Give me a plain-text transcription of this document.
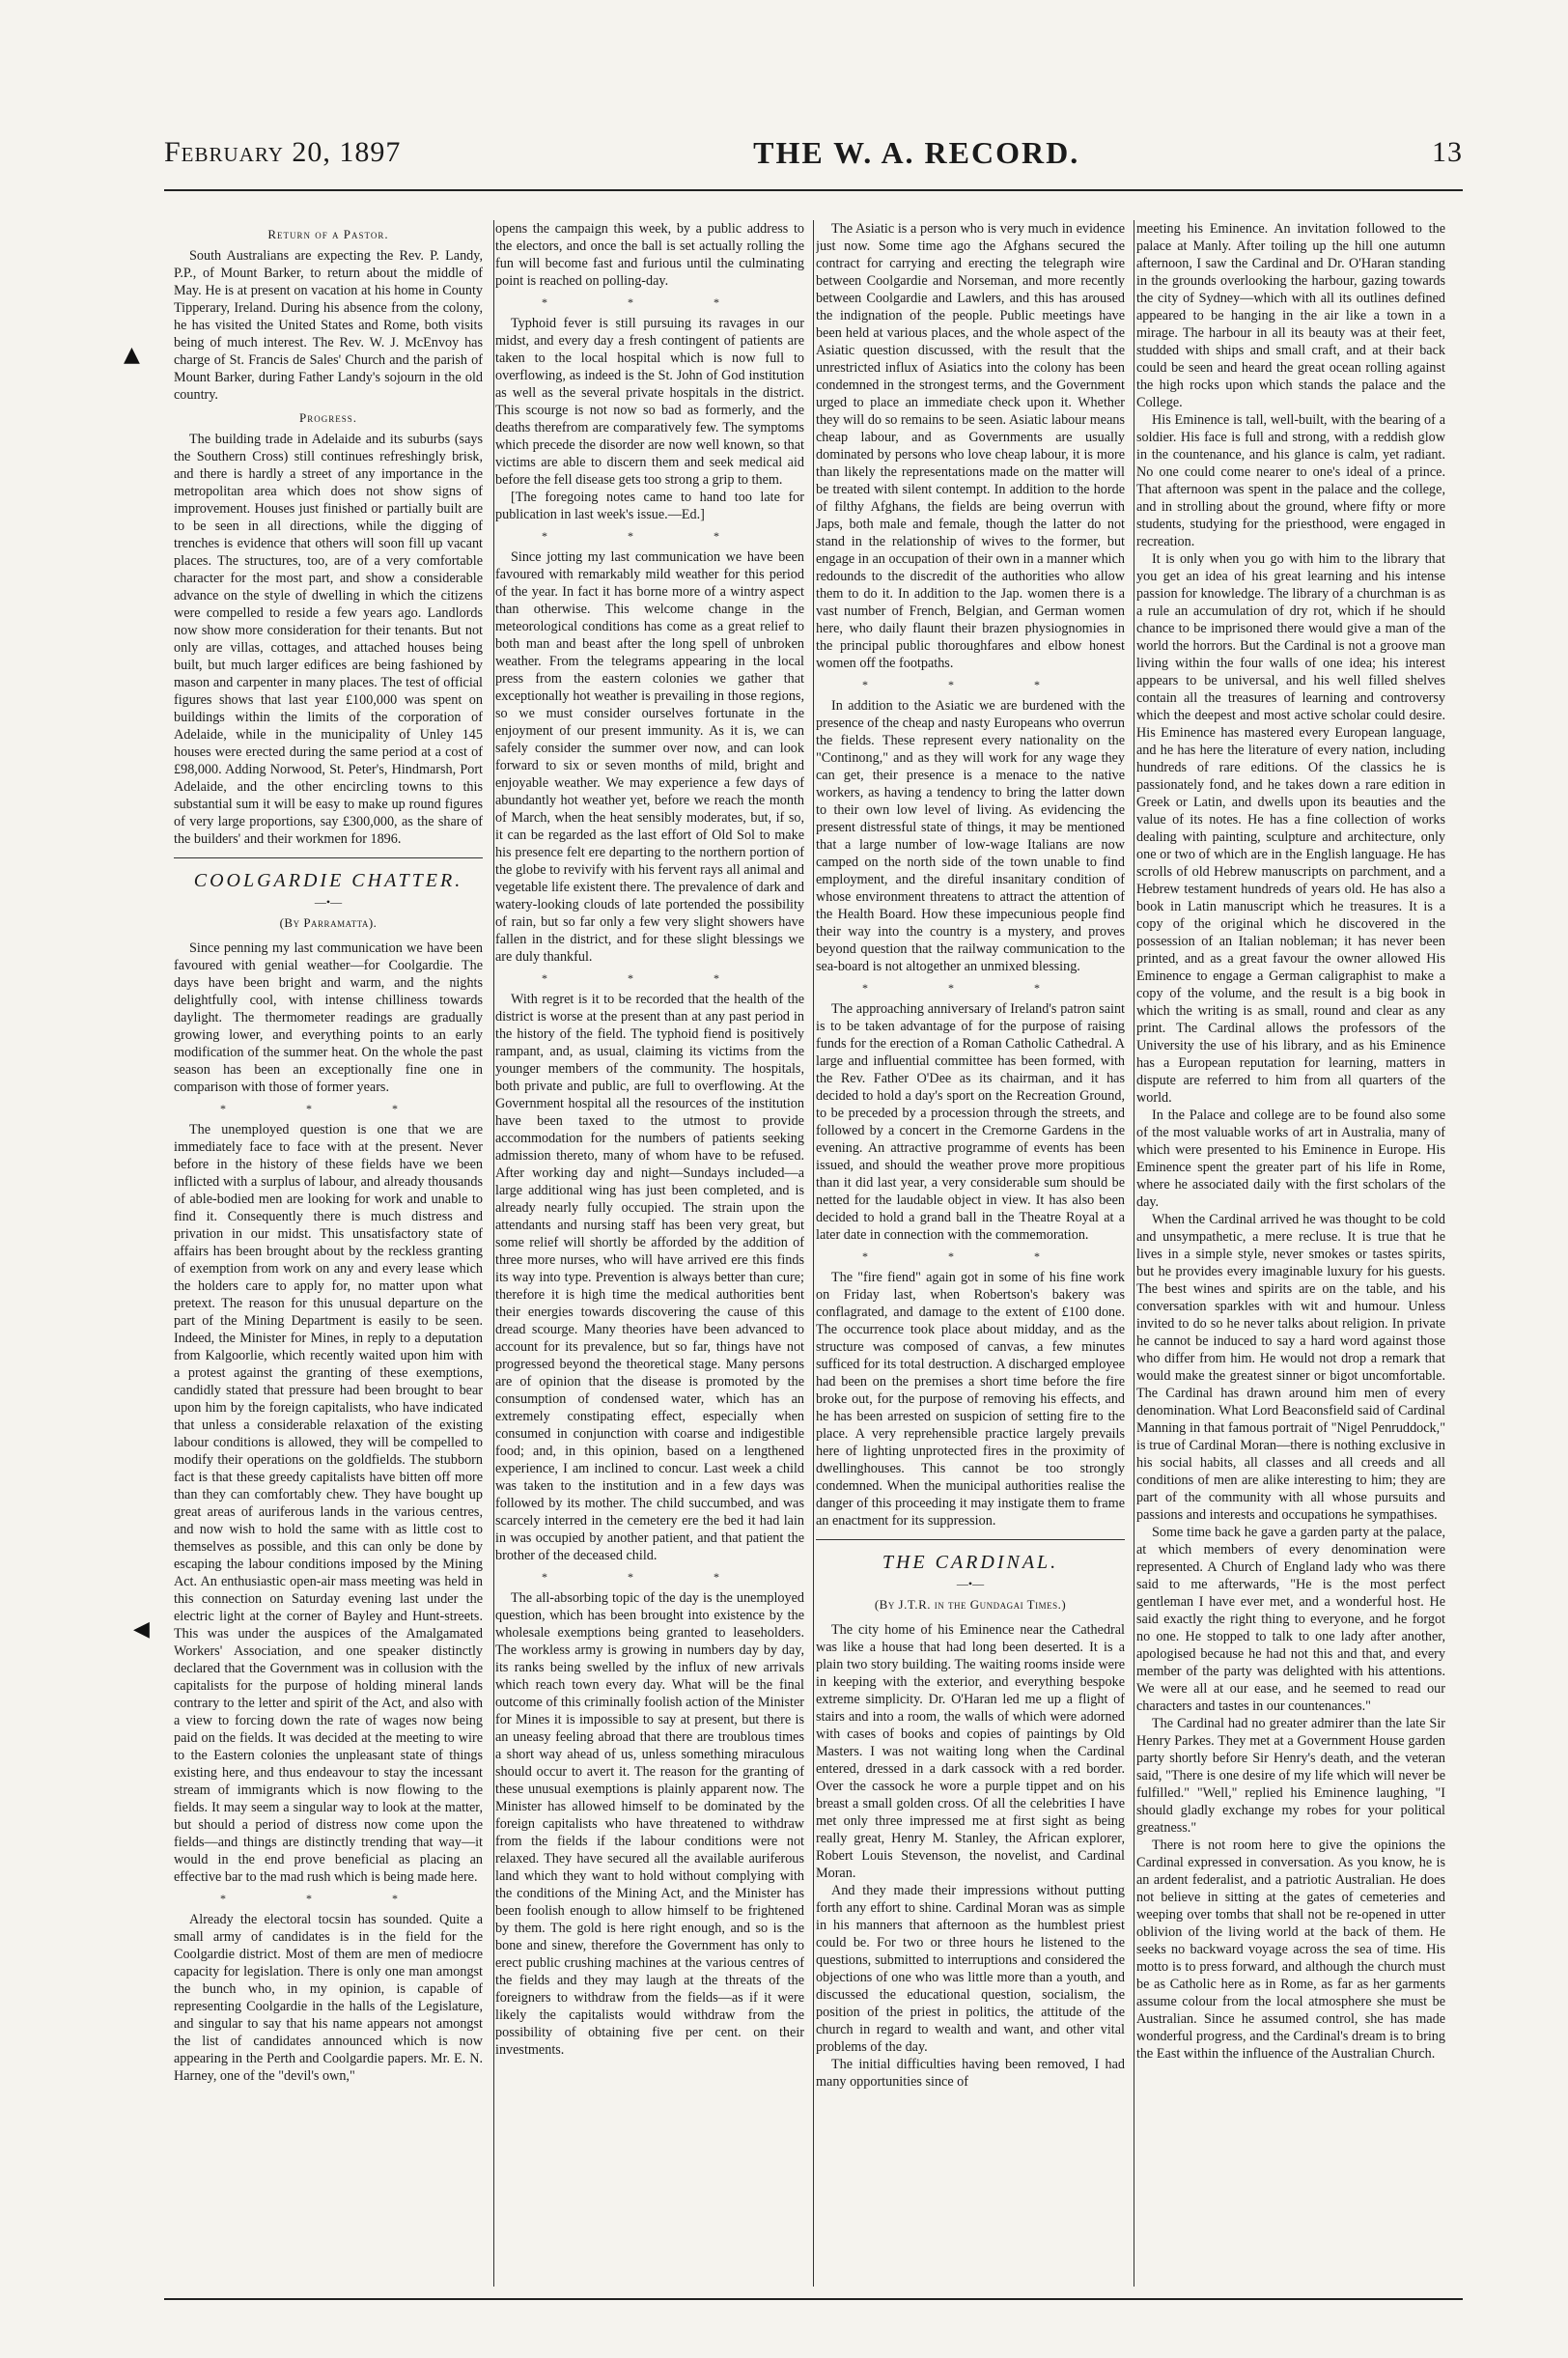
February 20, 1897	THE W. A. RECORD.	13
▲
◀

Return of a Pastor.

South Australians are expecting the Rev. P. Landy, P.P., of Mount Barker, to return about the middle of May. He is at present on vacation at his home in County Tipperary, Ireland. During his absence from the colony, he has visited the United States and Rome, both visits being of much interest. The Rev. W. J. McEnvoy has charge of St. Francis de Sales' Church and the parish of Mount Barker, during Father Landy's sojourn in the old country.

Progress.

The building trade in Adelaide and its suburbs (says the Southern Cross) still continues refreshingly brisk, and there is hardly a street of any importance in the metropolitan area which does not show signs of improvement. Houses just finished or partially built are to be seen in all directions, while the digging of trenches is evidence that others will soon fill up vacant places. The structures, too, are of a very comfortable character for the most part, and show a considerable advance on the style of dwelling in which the citizens were compelled to reside a few years ago. Landlords now show more consideration for their tenants. But not only are villas, cottages, and attached houses being built, but much larger edifices are being fashioned by mason and carpenter in many places. The test of official figures shows that last year £100,000 was spent on buildings within the limits of the corporation of Adelaide, while in the municipality of Unley 145 houses were erected during the same period at a cost of £98,000. Adding Norwood, St. Peter's, Hindmarsh, Port Adelaide, and the other encircling towns to this substantial sum it will be easy to make up round figures of very large proportions, say £300,000, as the share of the builders' and their workmen for 1896.

COOLGARDIE CHATTER.

—•—

(By Parramatta).

Since penning my last communication we have been favoured with genial weather—for Coolgardie. The days have been bright and warm, and the nights delightfully cool, with intense chilliness towards daylight. The thermometer readings are gradually growing lower, and everything points to an early modification of the summer heat. On the whole the past season has been an exceptionally fine one in comparison with those of former years.

* * *

The unemployed question is one that we are immediately face to face with at the present. Never before in the history of these fields have we been inflicted with a surplus of labour, and already thousands of able-bodied men are looking for work and unable to find it. Consequently there is much distress and privation in our midst. This unsatisfactory state of affairs has been brought about by the reckless granting of exemption from work on any and every lease which the holders care to apply for, no matter upon what pretext. The reason for this unusual departure on the part of the Mining Department is easily to be seen. Indeed, the Minister for Mines, in reply to a deputation from Kalgoorlie, which recently waited upon him with a protest against the granting of these exemptions, candidly stated that pressure had been brought to bear upon him by the foreign capitalists, who have indicated that unless a considerable relaxation of the existing labour conditions is allowed, they will be compelled to modify their operations on the goldfields. The stubborn fact is that these greedy capitalists have bitten off more than they can comfortably chew. They have bought up great areas of auriferous lands in the various centres, and now wish to hold the same with as little cost to themselves as possible, and this can only be done by escaping the labour conditions imposed by the Mining Act. An enthusiastic open-air mass meeting was held in this connection on Saturday evening last under the electric light at the corner of Bayley and Hunt-streets. This was under the auspices of the Amalgamated Workers' Association, and one speaker distinctly declared that the Government was in collusion with the capitalists for the purpose of holding mineral lands contrary to the letter and spirit of the Act, and also with a view to forcing down the rate of wages now being paid on the fields. It was decided at the meeting to wire to the Eastern colonies the unpleasant state of things existing here, and thus endeavour to stay the incessant stream of immigrants which is now flowing to the fields. It may seem a singular way to look at the matter, but should a period of distress now come upon the fields—and things are distinctly trending that way—it would in the end prove beneficial as placing an effective bar to the mad rush which is being made here.

* * *

Already the electoral tocsin has sounded. Quite a small army of candidates is in the field for the Coolgardie district. Most of them are men of mediocre capacity for legislation. There is only one man amongst the bunch who, in my opinion, is capable of representing Coolgardie in the halls of the Legislature, and singular to say that his name appears not amongst the list of candidates announced which is now appearing in the Perth and Coolgardie papers. Mr. E. N. Harney, one of the "devil's own,"

opens the campaign this week, by a public address to the electors, and once the ball is set actually rolling the fun will become fast and furious until the culminating point is reached on polling-day.

* * *

Typhoid fever is still pursuing its ravages in our midst, and every day a fresh contingent of patients are taken to the local hospital which is now full to overflowing, as indeed is the St. John of God institution as well as the several private hospitals in the district. This scourge is not now so bad as formerly, and the deaths therefrom are comparatively few. The symptoms which precede the disorder are now well known, so that victims are able to discern them and seek medical aid before the fell disease gets too strong a grip to them.

[The foregoing notes came to hand too late for publication in last week's issue.—Ed.]

* * *

Since jotting my last communication we have been favoured with remarkably mild weather for this period of the year. In fact it has borne more of a wintry aspect than otherwise. This welcome change in the meteorological conditions has come as a great relief to both man and beast after the long spell of unbroken weather. From the telegrams appearing in the local press from the eastern colonies we gather that exceptionally hot weather is prevailing in those regions, so we must consider ourselves fortunate in the enjoyment of our present immunity. As it is, we can safely consider the summer over now, and can look forward to six or seven months of mild, bright and enjoyable weather. We may experience a few days of abundantly hot weather yet, before we reach the month of March, when the heat sensibly moderates, but, if so, it can be regarded as the last effort of Old Sol to make his presence felt ere departing to the northern portion of the globe to revivify with his fervent rays all animal and vegetable life existent there. The prevalence of dark and watery-looking clouds of late portended the possibility of rain, but so far only a few very slight showers have fallen in the district, and for these slight blessings we are duly thankful.

* * *

With regret is it to be recorded that the health of the district is worse at the present than at any past period in the history of the field. The typhoid fiend is positively rampant, and, as usual, claiming its victims from the younger members of the community. The hospitals, both private and public, are full to overflowing. At the Government hospital all the resources of the institution have been taxed to the utmost to provide accommodation for the numbers of patients seeking admission thereto, many of whom have to be refused. After working day and night—Sundays included—a large additional wing has just been completed, and is already nearly fully occupied. The strain upon the attendants and nursing staff has been very great, but some relief will shortly be afforded by the addition of three more nurses, who will have arrived ere this finds its way into type. Prevention is always better than cure; therefore it is high time the medical authorities bent their energies towards discovering the cause of this dread scourge. Many theories have been advanced to account for its prevalence, but so far, things have not progressed beyond the theoretical stage. Many persons are of opinion that the disease is promoted by the consumption of condensed water, which has an extremely constipating effect, especially when consumed in conjunction with coarse and indigestible food; and, in this opinion, based on a lengthened experience, I am inclined to concur. Last week a child was taken to the institution and in a few days was followed by its mother. The child succumbed, and was scarcely interred in the cemetery ere the bed it had lain in was occupied by another patient, and that patient the brother of the deceased child.

* * *

The all-absorbing topic of the day is the unemployed question, which has been brought into existence by the wholesale exemptions being granted to leaseholders. The workless army is growing in numbers day by day, its ranks being swelled by the influx of new arrivals which reach town every day. What will be the final outcome of this criminally foolish action of the Minister for Mines it is impossible to say at present, but there is an uneasy feeling abroad that there are troublous times a short way ahead of us, unless something miraculous should occur to avert it. The reason for the granting of these unusual exemptions is plainly apparent now. The Minister has allowed himself to be dominated by the foreign capitalists who have threatened to withdraw from the fields if the labour conditions were not relaxed. They have secured all the available auriferous land which they want to hold without complying with the conditions of the Mining Act, and the Minister has been foolish enough to allow himself to be frightened by them. The gold is here right enough, and so is the bone and sinew, therefore the Government has only to erect public crushing machines at the various centres of the fields and they may laugh at the threats of the foreigners to withdraw from the fields—as if it were likely the capitalists would withdraw from the possibility of obtaining five per cent. on their investments.

The Asiatic is a person who is very much in evidence just now. Some time ago the Afghans secured the contract for carrying and erecting the telegraph wire between Coolgardie and Norseman, and more recently between Coolgardie and Lawlers, and this has aroused the indignation of the people. Public meetings have been held at various places, and the whole aspect of the Asiatic question discussed, with the result that the unrestricted influx of Asiatics into the colony has been condemned in the strongest terms, and the Government urged to place an immediate check upon it. Whether they will do so remains to be seen. Asiatic labour means cheap labour, and as Governments are usually dominated by persons who love cheap labour, it is more than likely the representations made on the matter will be treated with silent contempt. In addition to the horde of filthy Afghans, the fields are being overrun with Japs, both male and female, though the latter do not stand in the relationship of wives to the former, but engage in an occupation of their own in a manner which redounds to the discredit of the authorities who allow them to do it. In addition to the Jap. women there is a vast number of French, Belgian, and German women here, who daily flaunt their brazen physiognomies in the principal public thoroughfares and elbow honest women off the footpaths.

* * *

In addition to the Asiatic we are burdened with the presence of the cheap and nasty Europeans who overrun the fields. These represent every nationality on the "Continong," and as they will work for any wage they can get, their presence is a menace to the native workers, as having a tendency to bring the latter down to their own low level of living. As evidencing the present distressful state of things, it may be mentioned that a large number of low-wage Italians are now camped on the north side of the town unable to find employment, and the direful insanitary condition of whose environment threatens to attract the attention of the Health Board. How these impecunious people find their way into the country is a mystery, and proves beyond question that the railway communication to the sea-board is not altogether an unmixed blessing.

* * *

The approaching anniversary of Ireland's patron saint is to be taken advantage of for the purpose of raising funds for the erection of a Roman Catholic Cathedral. A large and influential committee has been formed, with the Rev. Father O'Dee as its chairman, and it has decided to hold a day's sport on the Recreation Ground, to be preceded by a procession through the streets, and followed by a concert in the Cremorne Gardens in the evening. An attractive programme of events has been issued, and should the weather prove more propitious than it did last year, a very considerable sum should be netted for the laudable object in view. It has also been decided to hold a grand ball in the Theatre Royal at a later date in connection with the commemoration.

* * *

The "fire fiend" again got in some of his fine work on Friday last, when Robertson's bakery was conflagrated, and damage to the extent of £100 done. The occurrence took place about midday, and as the structure was composed of canvas, a few minutes sufficed for its total destruction. A discharged employee had been on the premises a short time before the fire broke out, for the purpose of removing his effects, and he has been arrested on suspicion of setting fire to the place. A very reprehensible practice largely prevails here of lighting unprotected fires in the proximity of dwellinghouses. This cannot be too strongly condemned. When the municipal authorities realise the danger of this proceeding it may instigate them to frame an enactment for its suppression.

THE CARDINAL.

—•—

(By J.T.R. in the Gundagai Times.)

The city home of his Eminence near the Cathedral was like a house that had long been deserted. It is a plain two story building. The waiting rooms inside were in keeping with the exterior, and everything bespoke extreme simplicity. Dr. O'Haran led me up a flight of stairs and into a room, the walls of which were adorned with cases of books and copies of paintings by Old Masters. I was not waiting long when the Cardinal entered, dressed in a dark cassock with a red border. Over the cassock he wore a purple tippet and on his breast a small golden cross. Of all the celebrities I have met only three impressed me at first sight as being really great, Henry M. Stanley, the African explorer, Robert Louis Stevenson, the novelist, and Cardinal Moran.

And they made their impressions without putting forth any effort to shine. Cardinal Moran was as simple in his manners that afternoon as the humblest priest could be. For two or three hours he listened to the questions, submitted to interruptions and considered the objections of one who was little more than a youth, and discussed the educational question, socialism, the position of the priest in politics, the attitude of the church in regard to wealth and want, and other vital problems of the day.

The initial difficulties having been removed, I had many opportunities since of

meeting his Eminence. An invitation followed to the palace at Manly. After toiling up the hill one autumn afternoon, I saw the Cardinal and Dr. O'Haran standing in the grounds overlooking the harbour, gazing towards the city of Sydney—which with all its outlines defined appeared to be hanging in the air like a town in a mirage. The harbour in all its beauty was at their feet, studded with ships and small craft, and at their back could be seen and heard the great ocean rolling against the high rocks upon which stands the palace and the College.

His Eminence is tall, well-built, with the bearing of a soldier. His face is full and strong, with a reddish glow in the countenance, and his glance is calm, yet radiant. No one could come nearer to one's ideal of a prince. That afternoon was spent in the palace and the college, and in strolling about the ground, where fifty or more students, studying for the priesthood, were engaged in recreation.

It is only when you go with him to the library that you get an idea of his great learning and his intense passion for knowledge. The library of a churchman is as a rule an accumulation of dry rot, which if he should chance to be imprisoned there would give a man of the world the horrors. But the Cardinal is not a groove man living within the four walls of one idea; his interest appears to be universal, and his well filled shelves contain all the treasures of learning and controversy which the deepest and most active scholar could desire. His Eminence has mastered every European language, and he has here the literature of every nation, including hundreds of rare editions. Of the classics he is passionately fond, and he takes down a rare edition in Greek or Latin, and dwells upon its beauties and the value of its notes. He has a fine collection of works dealing with painting, sculpture and architecture, only one or two of which are in the English language. He has scrolls of old Hebrew manuscripts on parchment, and a Hebrew testament hundreds of years old. He has also a book in Latin manuscript which he treasures. It is a copy of the original which he discovered in the possession of an Italian nobleman; it has never been printed, and as a great favour the owner allowed His Eminence to engage a German caligraphist to make a copy of the volume, and the result is a big book in which the writing is as small, round and clear as any print. The Cardinal allows the professors of the University the use of his library, and as his Eminence has a European reputation for learning, matters in dispute are referred to him from all quarters of the world.

In the Palace and college are to be found also some of the most valuable works of art in Australia, many of which were presented to his Eminence in Europe. His Eminence spent the greater part of his life in Rome, where he associated daily with the first scholars of the day.

When the Cardinal arrived he was thought to be cold and unsympathetic, a mere recluse. It is true that he lives in a simple style, never smokes or tastes spirits, but he provides every imaginable luxury for his guests. The best wines and spirits are on the table, and his conversation sparkles with wit and humour. Unless invited to do so he never talks about religion. In private he cannot be induced to say a hard word against those who differ from him. He would not drop a remark that would make the greatest sinner or bigot uncomfortable. The Cardinal has drawn around him men of every denomination. What Lord Beaconsfield said of Cardinal Manning in that famous portrait of "Nigel Penruddock," is true of Cardinal Moran—there is nothing exclusive in his social habits, all classes and all creeds and all conditions of men are alike interesting to him; they are part of the community with all whose pursuits and passions and interests and occupations he sympathises.

Some time back he gave a garden party at the palace, at which members of every denomination were represented. A Church of England lady who was there said to me afterwards, "He is the most perfect gentleman I have ever met, and a wonderful host. He said exactly the right thing to everyone, and he forgot no one. He stopped to talk to one lady after another, apologised because he had not this and that, and every member of the party was delighted with his attentions. We were all at our ease, and he seemed to read our characters and tastes in our countenances."

The Cardinal had no greater admirer than the late Sir Henry Parkes. They met at a Government House garden party shortly before Sir Henry's death, and the veteran said, "There is one desire of my life which will never be fulfilled." "Well," replied his Eminence laughing, "I should gladly exchange my robes for your political greatness."

There is not room here to give the opinions the Cardinal expressed in conversation. As you know, he is an ardent federalist, and a patriotic Australian. He does not believe in sitting at the gates of cemeteries and weeping over tombs that shall not be re-opened in utter oblivion of the living world at the back of them. He seeks no backward voyage across the sea of time. His motto is to press forward, and although the church must be as Catholic here as in Rome, as far as her garments assume colour from the local atmosphere she must be Australian. Since he assumed control, she has made wonderful progress, and the Cardinal's dream is to bring the East within the influence of the Australian Church.
